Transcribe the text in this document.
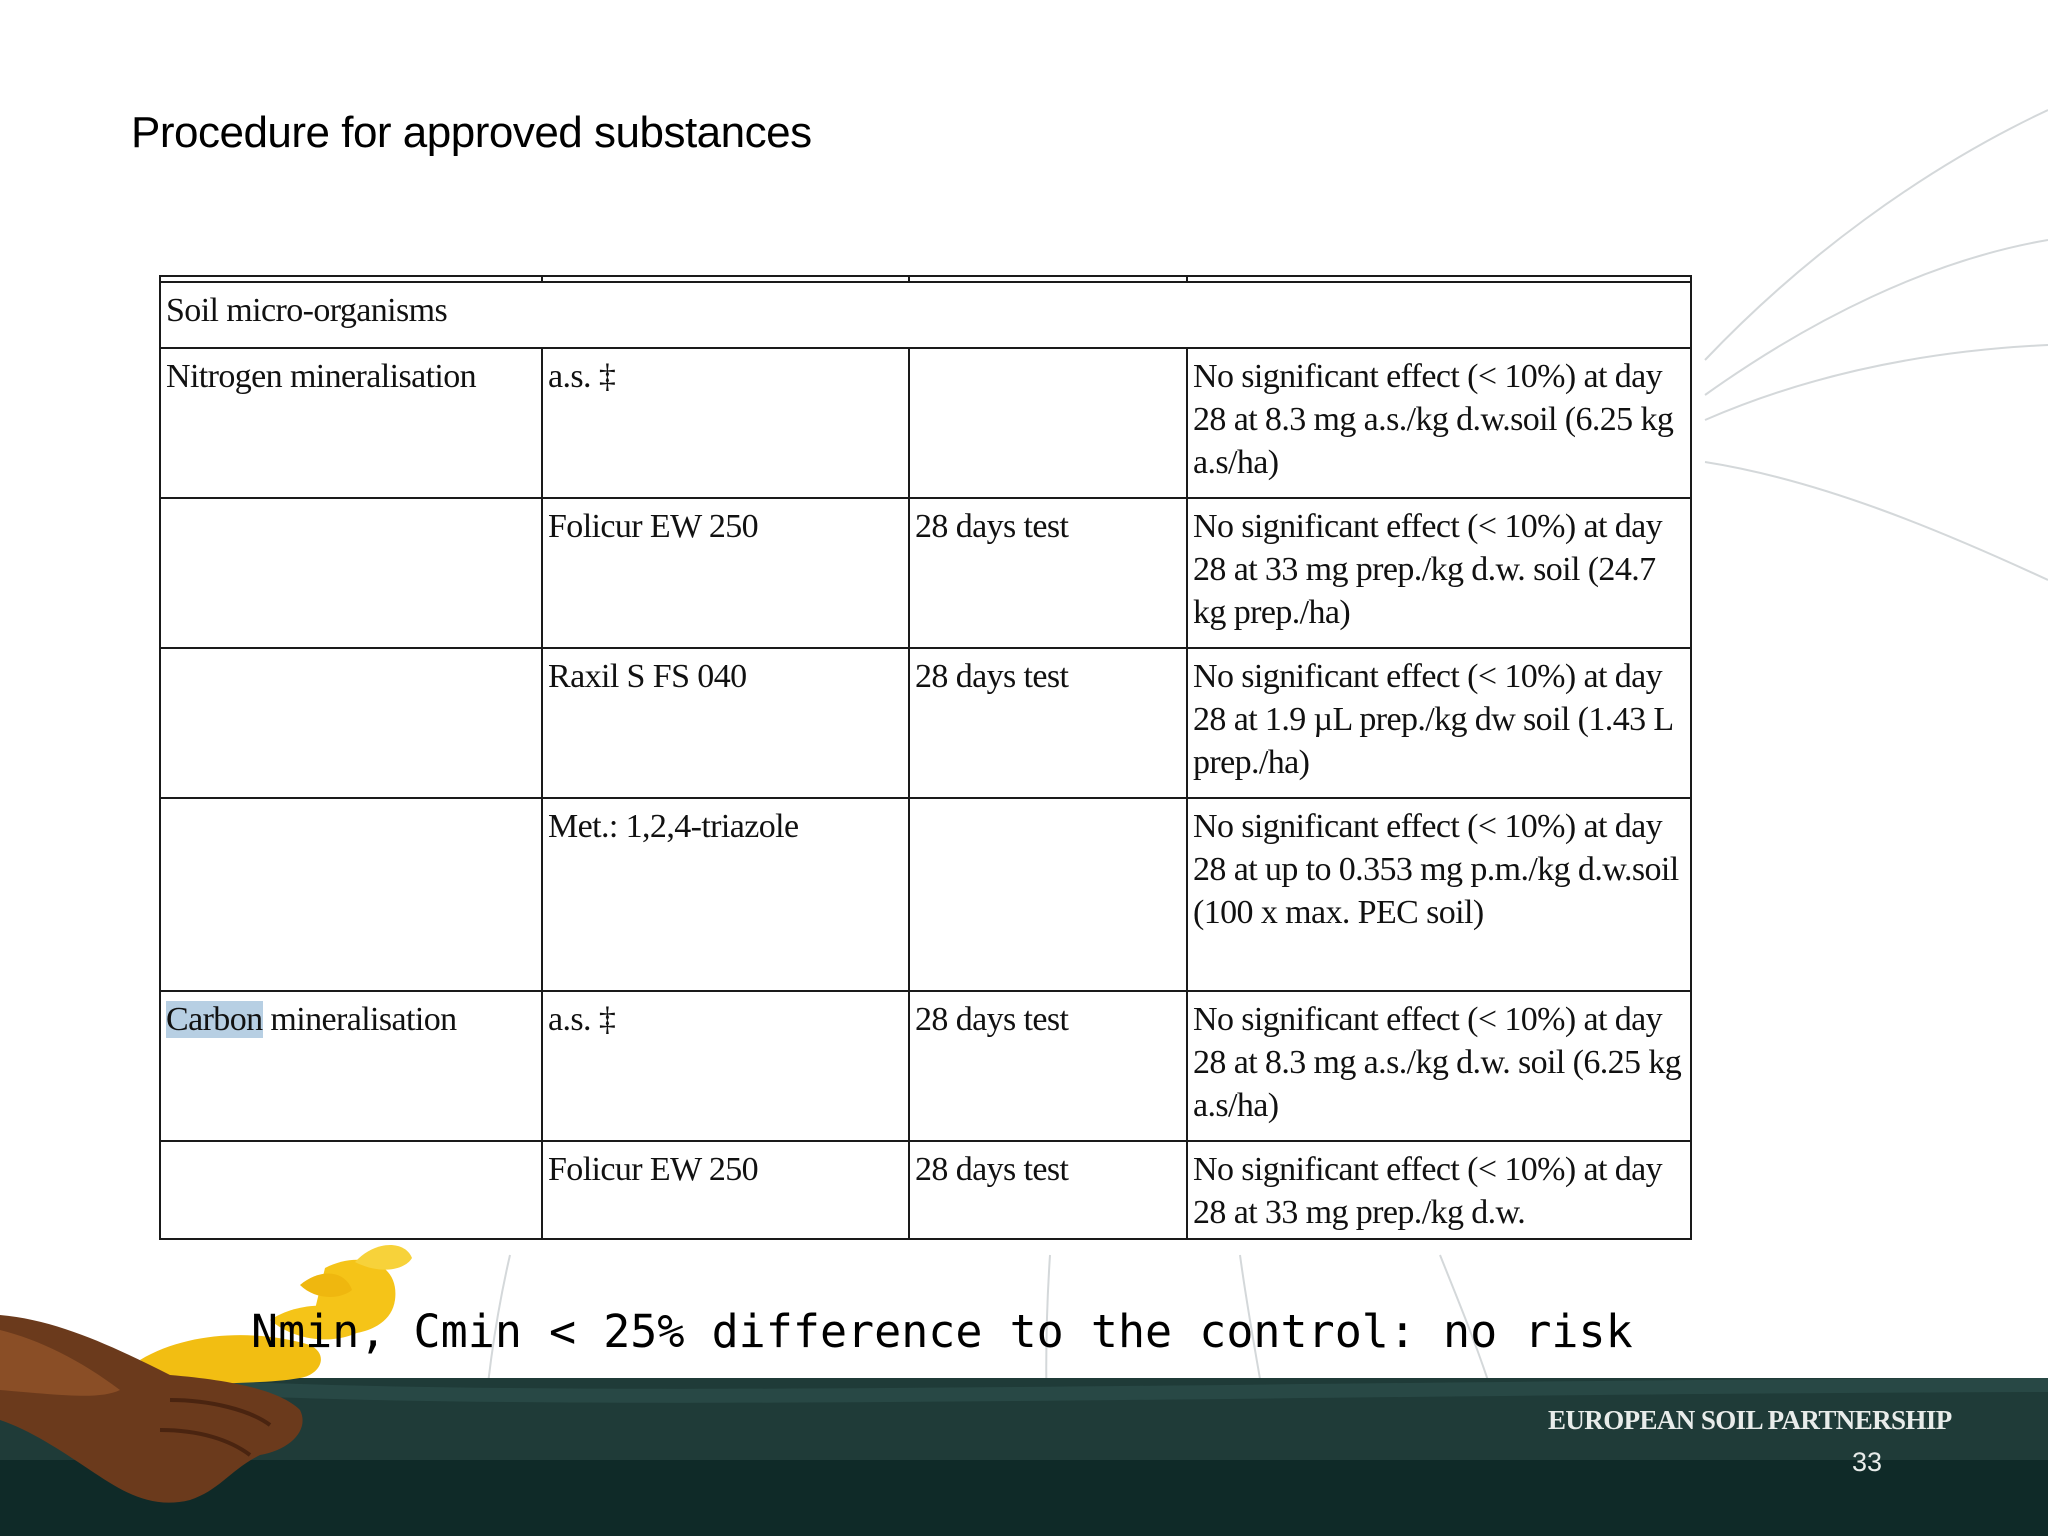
Procedure for approved substances

Soil micro-organisms			
Nitrogen mineralisation	a.s. ‡		No significant effect (< 10%) at day 28 at 8.3 mg a.s./kg d.w.soil (6.25 kg a.s/ha)
	Folicur EW 250	28 days test	No significant effect (< 10%) at day 28 at 33 mg prep./kg d.w. soil (24.7 kg prep./ha)
	Raxil S FS 040	28 days test	No significant effect (< 10%) at day 28 at 1.9 µL prep./kg dw soil (1.43 L prep./ha)
	Met.: 1,2,4-triazole		No significant effect (< 10%) at day 28 at up to 0.353 mg p.m./kg d.w.soil (100 x max. PEC soil)
Carbon mineralisation	a.s. ‡	28 days test	No significant effect (< 10%) at day 28 at 8.3 mg a.s./kg d.w. soil (6.25 kg a.s/ha)
	Folicur EW 250	28 days test	No significant effect (< 10%) at day 28 at 33 mg prep./kg d.w.
Nmin, Cmin < 25% difference to the control: no risk
EUROPEAN SOIL PARTNERSHIP
33
